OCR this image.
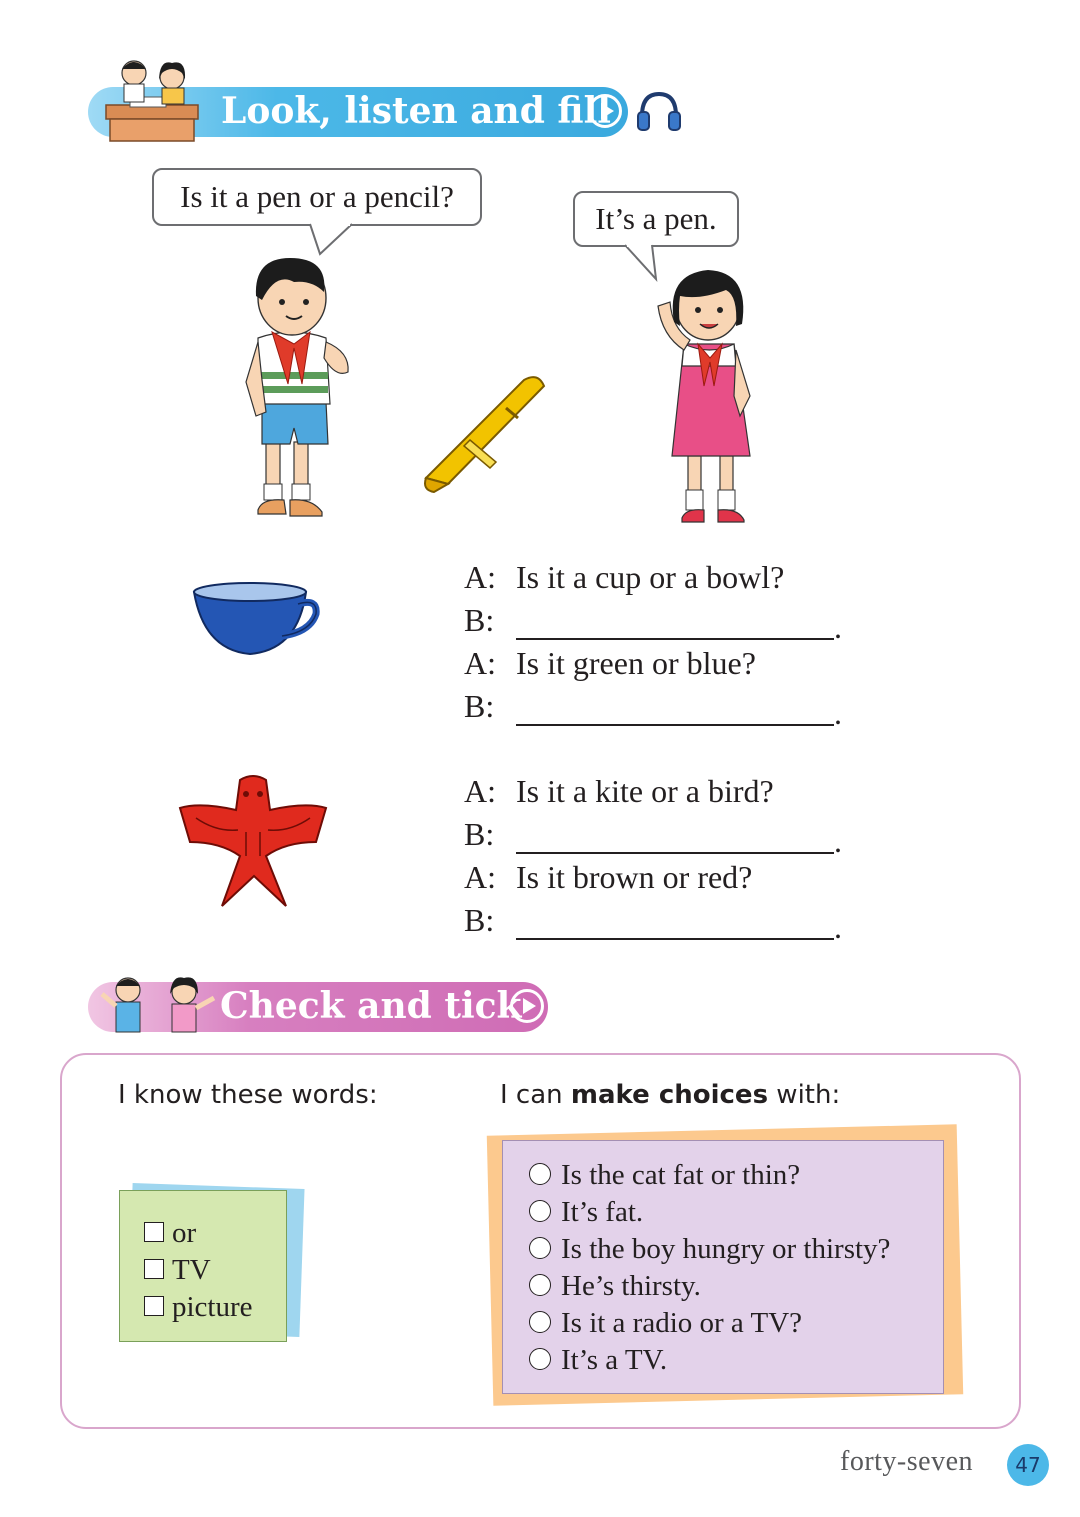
Look, listen and fill
Is it a pen or a pencil?
It’s a pen.
A: Is it a cup or a bowl?
B:	.
A: Is it green or blue?
B:	.
A: Is it a kite or a bird?
B:	.
A: Is it brown or red?
B:	.
Check and tick
I know these words:	I can make choices with:
or
TV
picture
Is the cat fat or thin?
It’s fat.
Is the boy hungry or thirsty?
He’s thirsty.
Is it a radio or a TV?
It’s a TV.
forty-seven	47
